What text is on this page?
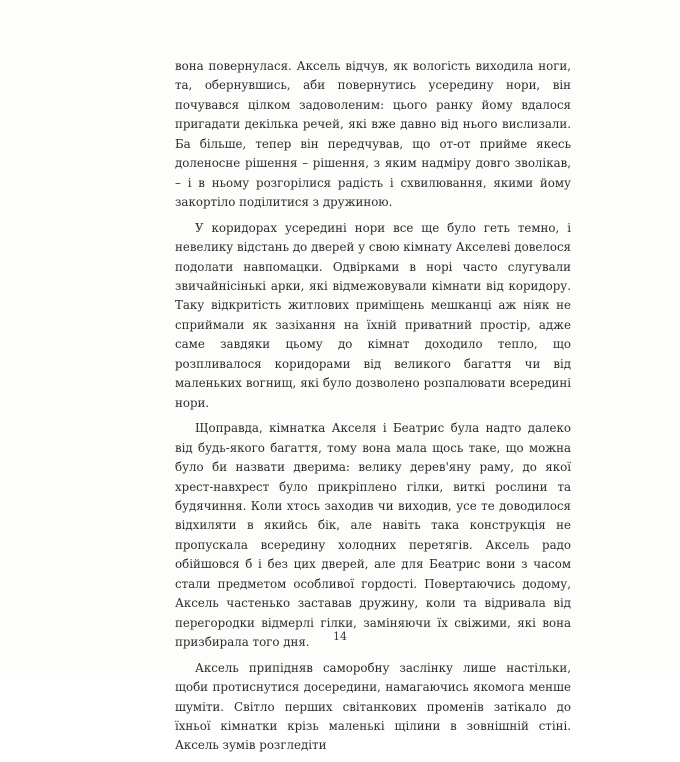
вона повернулася. Аксель відчув, як вологість виходила ноги, та, обернувшись, аби повернутись усередину нори, він почувався цілком задоволеним: цього ранку йому вдалося пригадати декілька речей, які вже давно від нього вислизали. Ба більше, тепер він передчував, що от-от прийме якесь доленосне рішення – рішення, з яким надміру довго зволікав, – і в ньому розгорілися радість і схвилювання, якими йому закортіло поділитися з дружиною.

У коридорах усередині нори все ще було геть темно, і невелику відстань до дверей у свою кімнату Акселеві довелося подолати навпомацки. Одвірками в норі часто слугували звичайнісінькі арки, які відмежовували кімнати від коридору. Таку відкритість житлових приміщень мешканці аж ніяк не сприймали як зазіхання на їхній приватний простір, адже саме завдяки цьому до кімнат доходило тепло, що розпливалося коридорами від великого багаття чи від маленьких вогнищ, які було дозволено розпалювати всередині нори.

Щоправда, кімнатка Акселя і Беатрис була надто далеко від будь-якого багаття, тому вона мала щось таке, що можна було би назвати дверима: велику дерев'яну раму, до якої хрест-навхрест було прикріплено гілки, виткі рослини та будячиння. Коли хтось заходив чи виходив, усе те доводилося відхиляти в якийсь бік, але навіть така конструкція не пропускала всередину холодних перетягів. Аксель радо обійшовся б і без цих дверей, але для Беатрис вони з часом стали предметом особливої гордості. Повертаючись додому, Аксель частенько заставав дружину, коли та відривала від перегородки відмерлі гілки, заміняючи їх свіжими, які вона призбирала того дня.

Аксель припідняв саморобну заслінку лише настільки, щоби протиснутися досередини, намагаючись якомога менше шуміти. Світло перших світанкових променів затікало до їхньої кімнатки крізь маленькі щілини в зовнішній стіні. Аксель зумів розгледіти

14
